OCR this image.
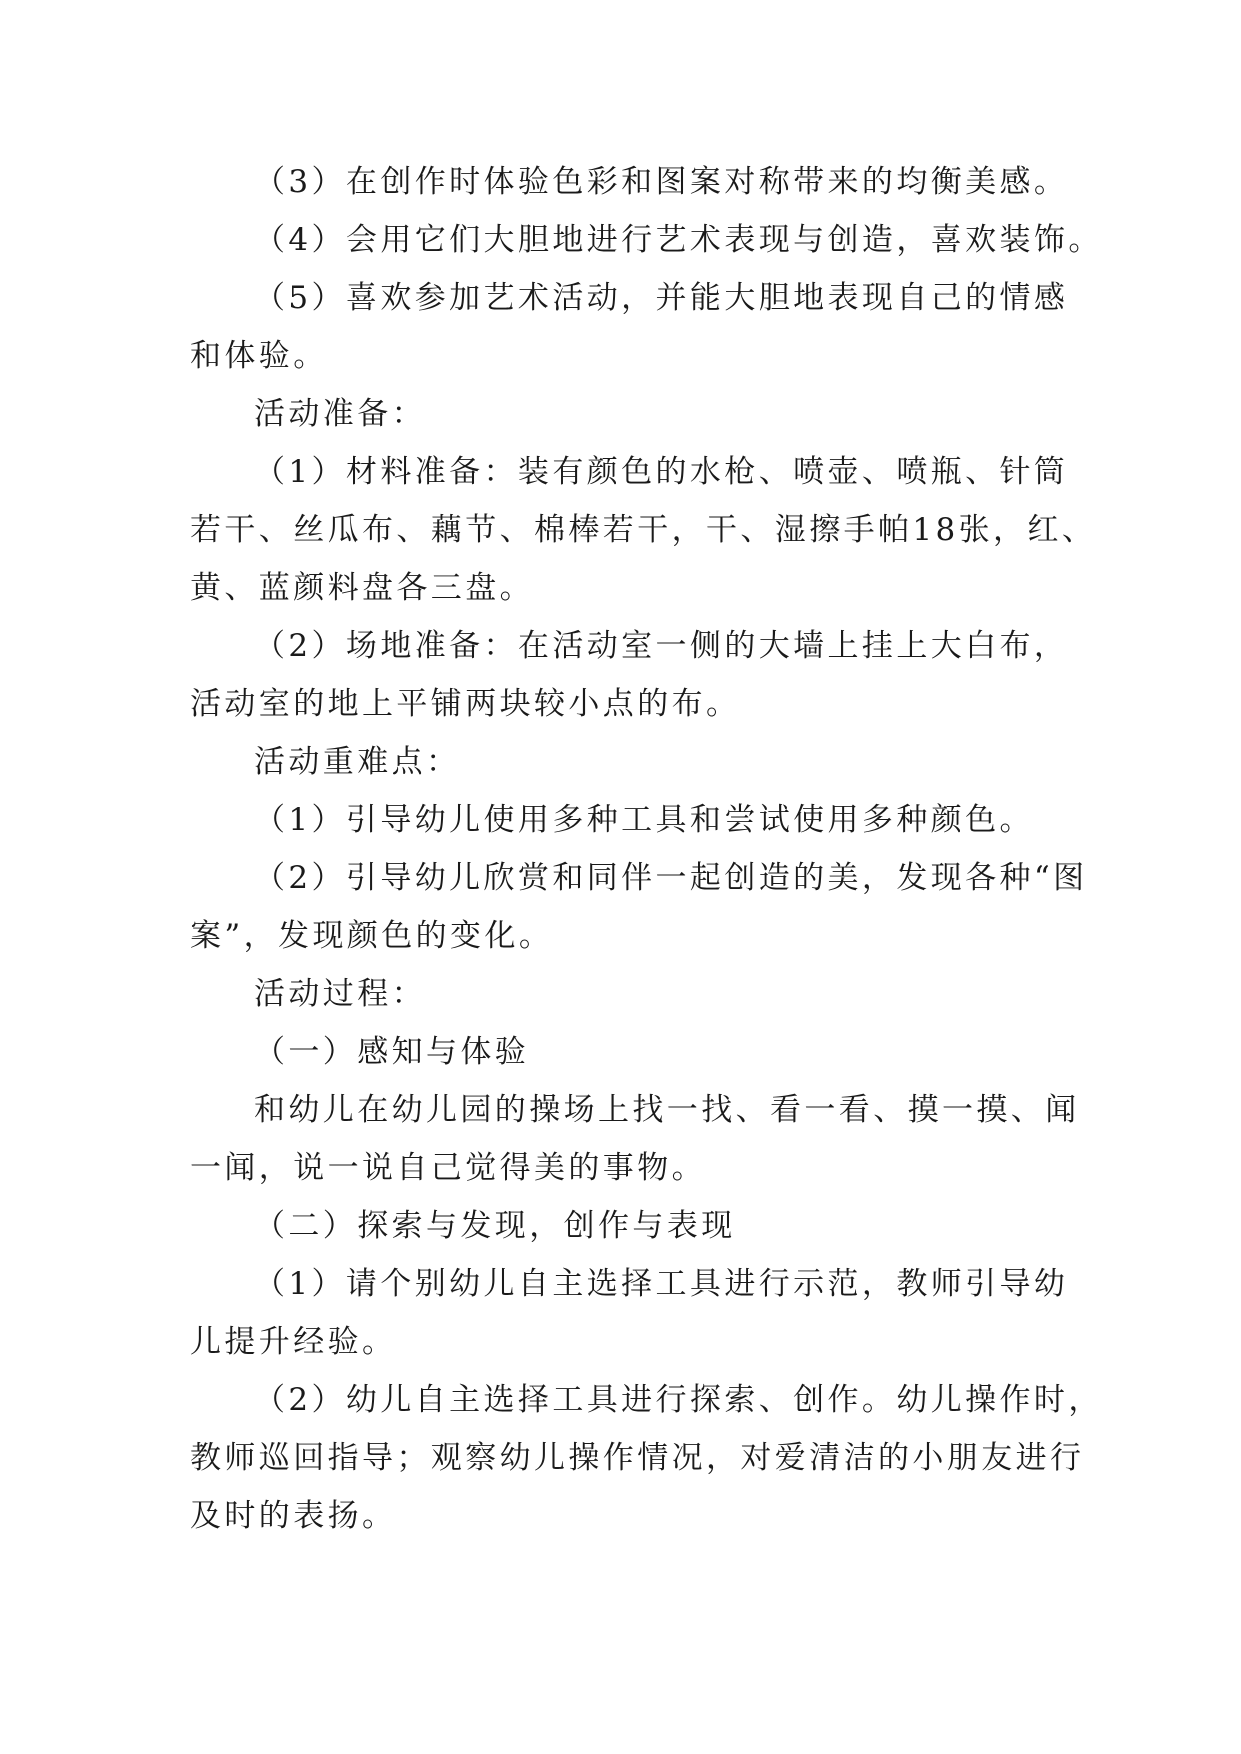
（3）在创作时体验色彩和图案对称带来的均衡美感。
（4）会用它们大胆地进行艺术表现与创造，喜欢装饰。
（5）喜欢参加艺术活动，并能大胆地表现自己的情感
和体验。
活动准备：
（1）材料准备：装有颜色的水枪、喷壶、喷瓶、针筒
若干、丝瓜布、藕节、棉棒若干，干、湿擦手帕18张，红、
黄、蓝颜料盘各三盘。
（2）场地准备：在活动室一侧的大墙上挂上大白布，
活动室的地上平铺两块较小点的布。
活动重难点：
（1）引导幼儿使用多种工具和尝试使用多种颜色。
（2）引导幼儿欣赏和同伴一起创造的美，发现各种“图
案”，发现颜色的变化。
活动过程：
（一）感知与体验
和幼儿在幼儿园的操场上找一找、看一看、摸一摸、闻
一闻，说一说自己觉得美的事物。
（二）探索与发现，创作与表现
（1）请个别幼儿自主选择工具进行示范，教师引导幼
儿提升经验。
（2）幼儿自主选择工具进行探索、创作。幼儿操作时，
教师巡回指导；观察幼儿操作情况，对爱清洁的小朋友进行
及时的表扬。
